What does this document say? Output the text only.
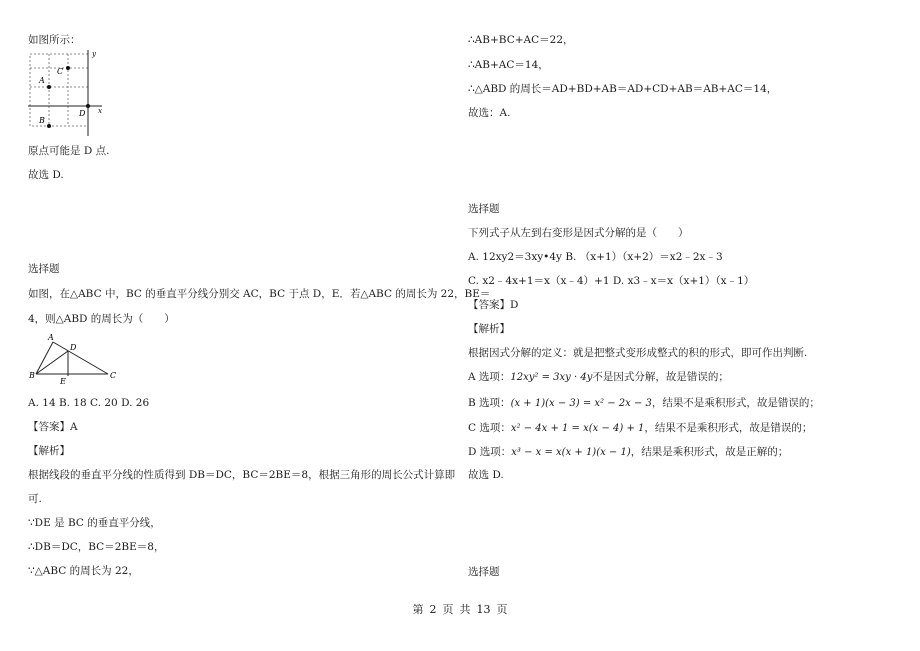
如图所示：
y
x
A
B
C
D
原点可能是 D 点.
故选 D.
选择题
如图，在△ABC 中，BC 的垂直平分线分别交 AC，BC 于点 D，E．若△ABC 的周长为 22，BE＝
4，则△ABD 的周长为（　　）
A
B	C
D
E
A. 14 B. 18 C. 20 D. 26
【答案】A
【解析】
根据线段的垂直平分线的性质得到 DB＝DC，BC＝2BE＝8，根据三角形的周长公式计算即
可.
∵DE 是 BC 的垂直平分线，
∴DB＝DC，BC＝2BE＝8，
∵△ABC 的周长为 22，
∴AB+BC+AC＝22，
∴AB+AC＝14，
∴△ABD 的周长＝AD+BD+AB＝AD+CD+AB＝AB+AC＝14，
故选：A.
选择题
下列式子从左到右变形是因式分解的是（　　）
A. 12xy2＝3xy•4y B. （x+1）（x+2）＝x2﹣2x﹣3
C. x2﹣4x+1＝x（x﹣4）+1 D. x3﹣x＝x（x+1）（x﹣1）
【答案】D
【解析】
根据因式分解的定义：就是把整式变形成整式的积的形式，即可作出判断.
A 选项：12xy² = 3xy · 4y不是因式分解，故是错误的；
B 选项：(x + 1)(x − 3) = x² − 2x − 3，结果不是乘积形式，故是错误的；
C 选项：x² − 4x + 1 = x(x − 4) + 1，结果不是乘积形式，故是错误的；
D 选项：x³ − x = x(x + 1)(x − 1)，结果是乘积形式，故是正解的；
故选 D.
选择题
第 2 页 共 13 页
